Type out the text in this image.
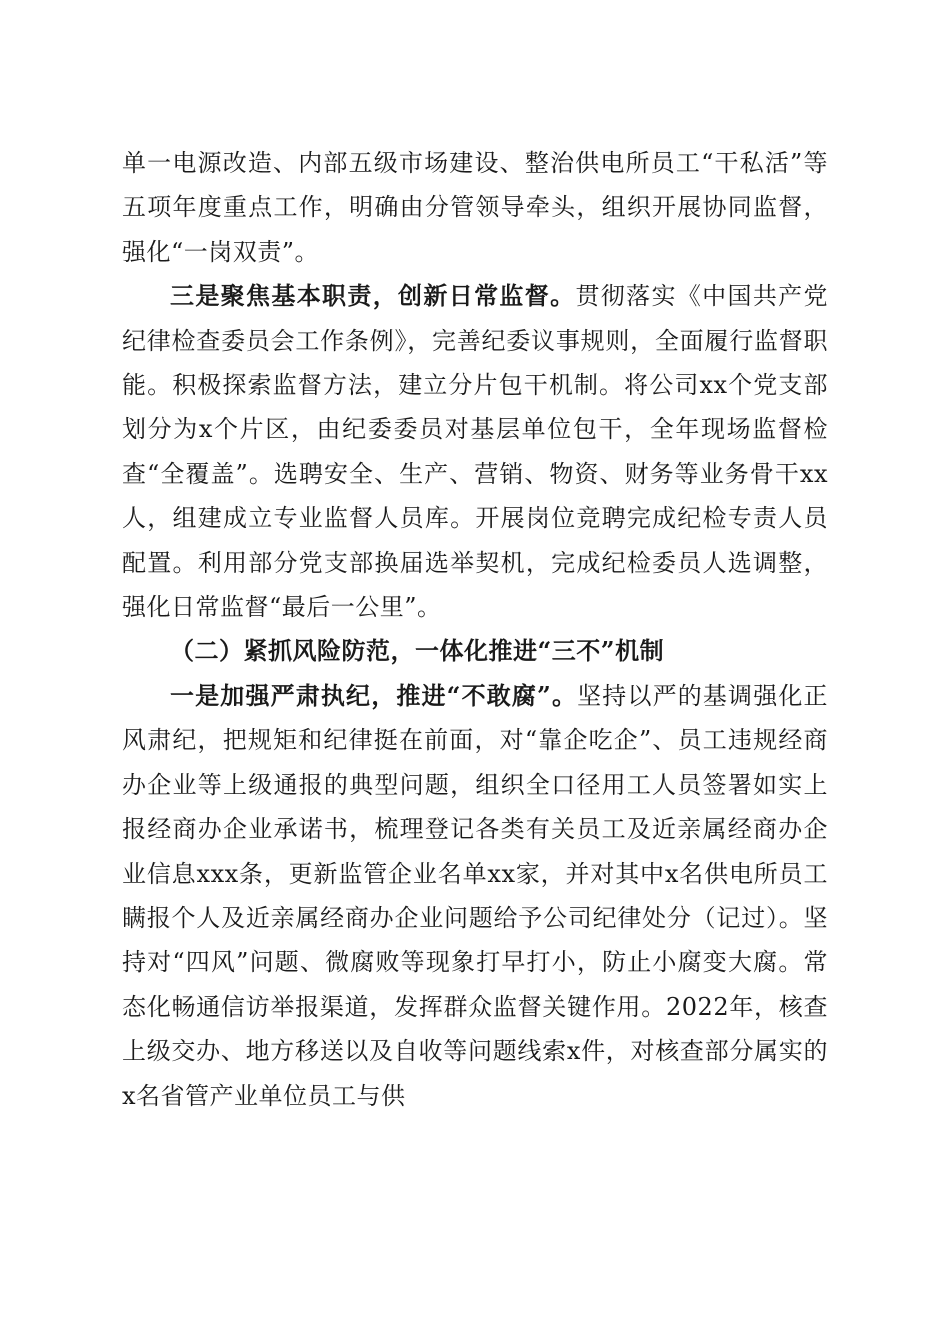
单一电源改造、内部五级市场建设、整治供电所员工“干私活”等五项年度重点工作，明确由分管领导牵头，组织开展协同监督，强化“一岗双责”。

三是聚焦基本职责，创新日常监督。贯彻落实《中国共产党纪律检查委员会工作条例》，完善纪委议事规则，全面履行监督职能。积极探索监督方法，建立分片包干机制。将公司xx个党支部划分为x个片区，由纪委委员对基层单位包干，全年现场监督检查“全覆盖”。选聘安全、生产、营销、物资、财务等业务骨干xx人，组建成立专业监督人员库。开展岗位竞聘完成纪检专责人员配置。利用部分党支部换届选举契机，完成纪检委员人选调整，强化日常监督“最后一公里”。

（二）紧抓风险防范，一体化推进“三不”机制

一是加强严肃执纪，推进“不敢腐”。坚持以严的基调强化正风肃纪，把规矩和纪律挺在前面，对“靠企吃企”、员工违规经商办企业等上级通报的典型问题，组织全口径用工人员签署如实上报经商办企业承诺书，梳理登记各类有关员工及近亲属经商办企业信息xxx条，更新监管企业名单xx家，并对其中x名供电所员工瞒报个人及近亲属经商办企业问题给予公司纪律处分（记过）。坚持对“四风”问题、微腐败等现象打早打小，防止小腐变大腐。常态化畅通信访举报渠道，发挥群众监督关键作用。2022年，核查上级交办、地方移送以及自收等问题线索x件，对核查部分属实的x名省管产业单位员工与供
